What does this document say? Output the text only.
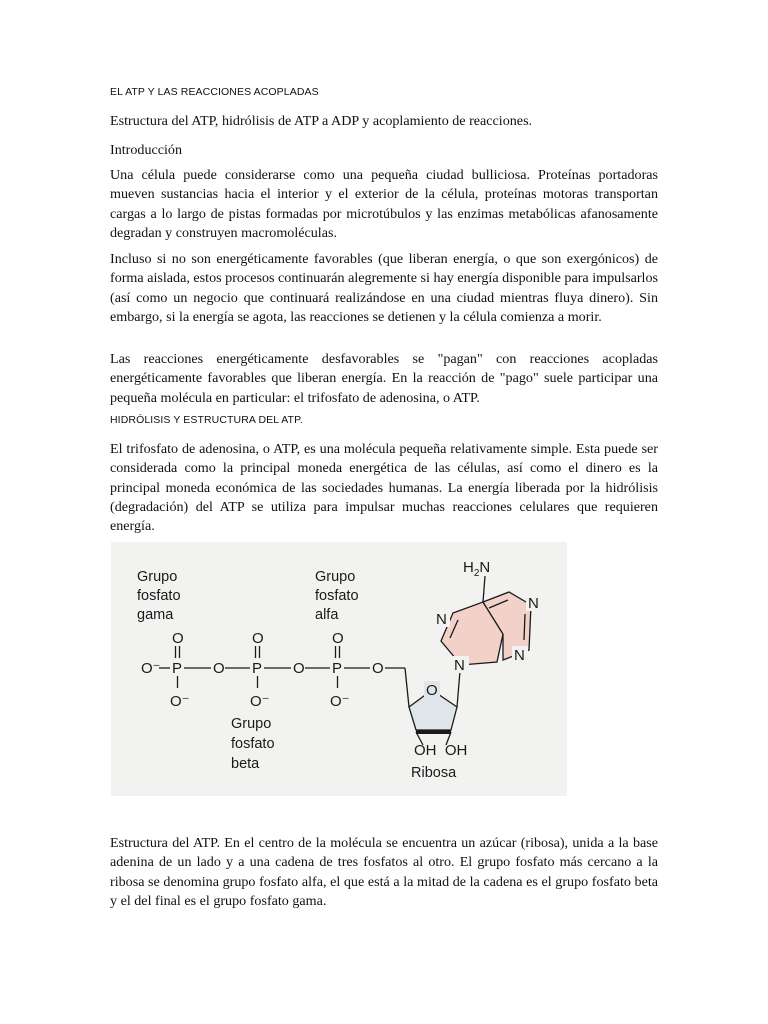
EL ATP Y LAS REACCIONES ACOPLADAS
Estructura del ATP, hidrólisis de ATP a ADP y acoplamiento de reacciones.
Introducción
Una célula puede considerarse como una pequeña ciudad bulliciosa. Proteínas portadoras mueven sustancias hacia el interior y el exterior de la célula, proteínas motoras transportan cargas a lo largo de pistas formadas por microtúbulos y las enzimas metabólicas afanosamente degradan y construyen macromoléculas.
Incluso si no son energéticamente favorables (que liberan energía, o que son exergónicos) de forma aislada, estos procesos continuarán alegremente si hay energía disponible para impulsarlos (así como un negocio que continuará realizándose en una ciudad mientras fluya dinero). Sin embargo, si la energía se agota, las reacciones se detienen y la célula comienza a morir.
Las reacciones energéticamente desfavorables se "pagan" con reacciones acopladas energéticamente favorables que liberan energía. En la reacción de "pago" suele participar una pequeña molécula en particular: el trifosfato de adenosina, o ATP.
HIDRÓLISIS Y ESTRUCTURA DEL ATP.
El trifosfato de adenosina, o ATP, es una molécula pequeña relativamente simple. Esta puede ser considerada como la principal moneda energética de las células, así como el dinero es la principal moneda económica de las sociedades humanas. La energía liberada por la hidrólisis (degradación) del ATP se utiliza para impulsar muchas reacciones celulares que requieren energía.
Estructura del ATP. En el centro de la molécula se encuentra un azúcar (ribosa), unida a la base adenina de un lado y a una cadena de tres fosfatos al otro. El grupo fosfato más cercano a la ribosa se denomina grupo fosfato alfa, el que está a la mitad de la cadena es el grupo fosfato beta y el del final es el grupo fosfato gama.
Grupo fosfato gama
Grupo fosfato alfa
Grupo fosfato beta
O	O	O
O⁻ P O P O P O
O⁻	O⁻	O⁻
O
OH  OH
Ribosa
N
N
N
N
$H_2N$
